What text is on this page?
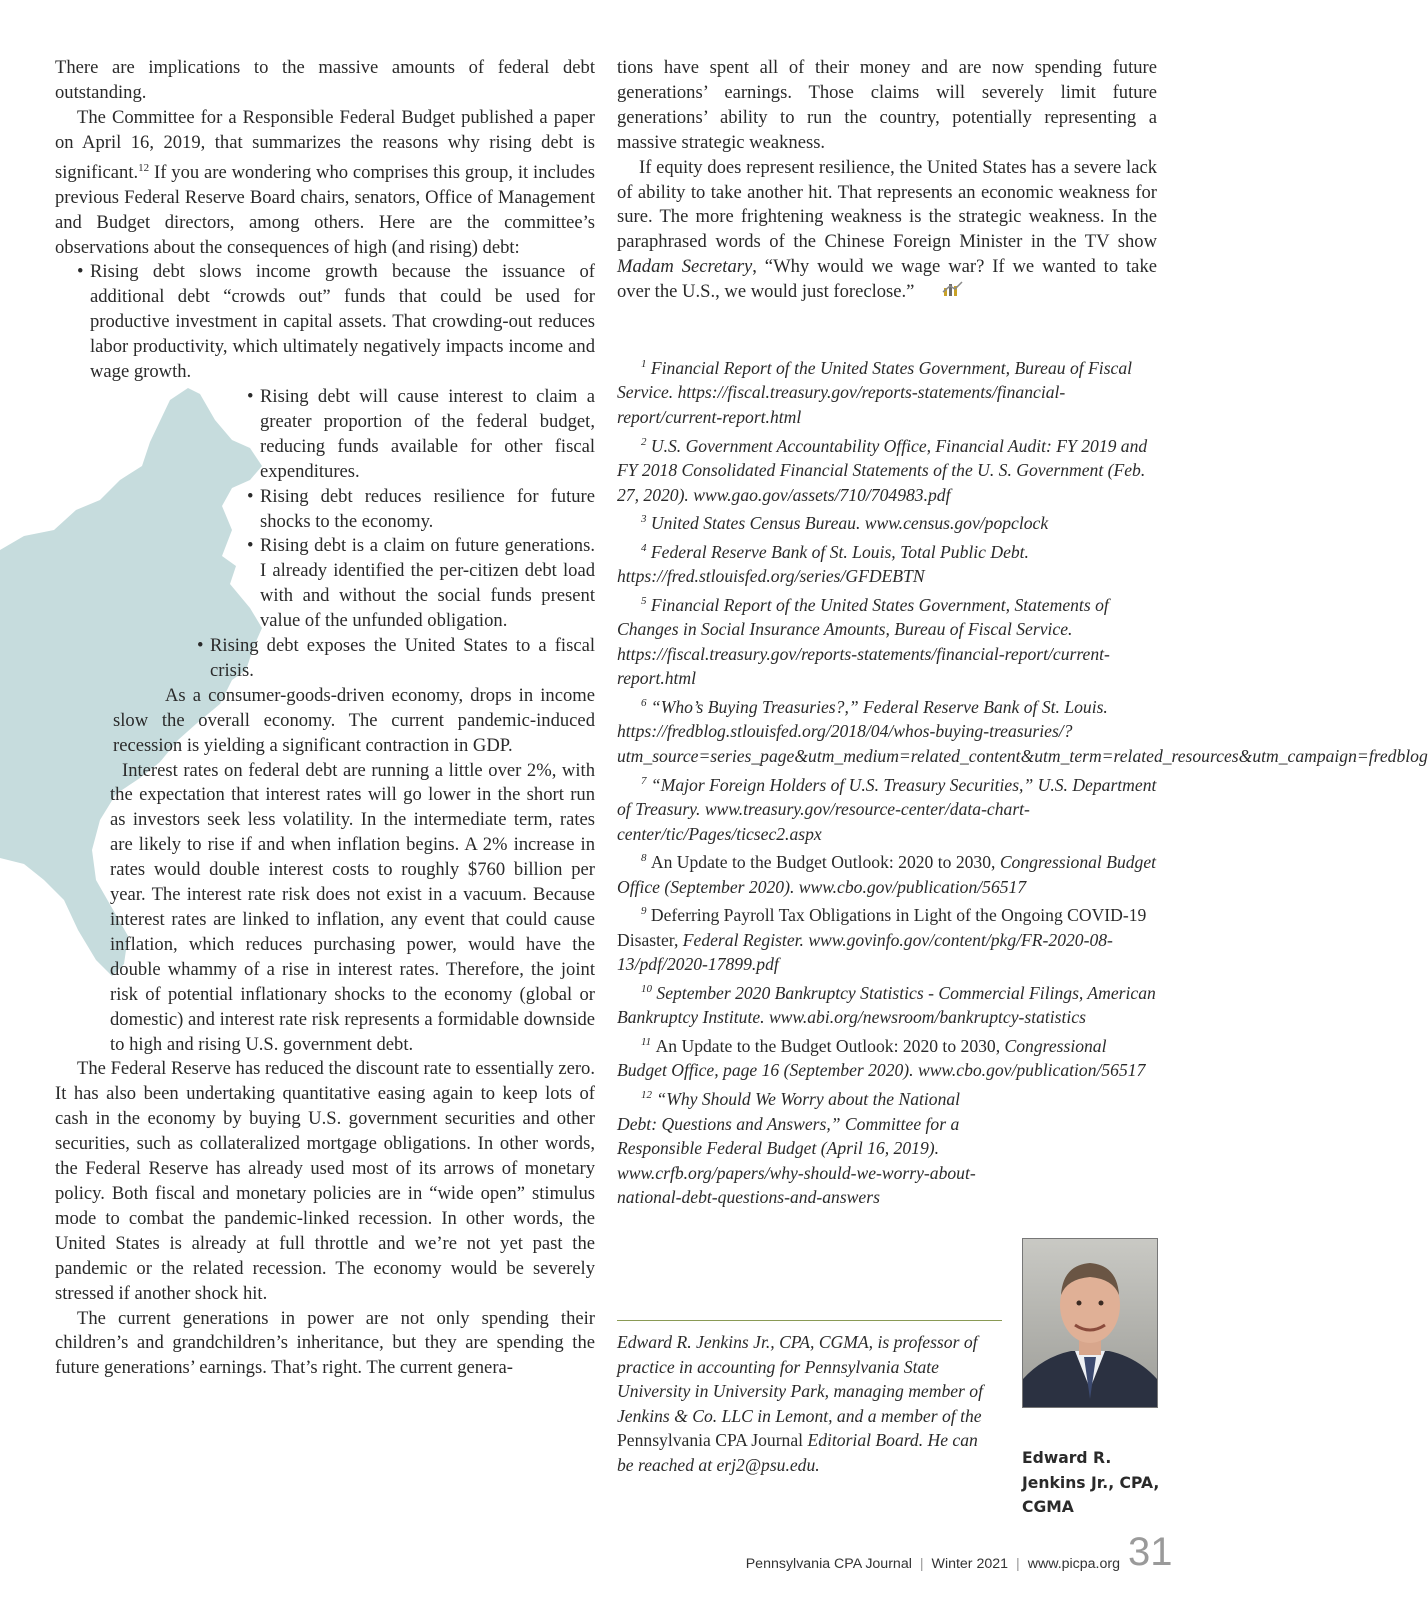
There are implications to the massive amounts of federal debt outstanding.

The Committee for a Responsible Federal Budget published a paper on April 16, 2019, that summarizes the reasons why rising debt is significant.$^{12}$ If you are wondering who comprises this group, it includes previous Federal Reserve Board chairs, senators, Office of Management and Budget directors, among others. Here are the committee’s observations about the consequences of high (and rising) debt:

• Rising debt slows income growth because the issuance of additional debt “crowds out” funds that could be used for productive investment in capital assets. That crowding-out reduces labor productivity, which ultimately negatively impacts income and wage growth.

• Rising debt will cause interest to claim a greater proportion of the federal budget, reducing funds available for other fiscal expenditures.

• Rising debt reduces resilience for future shocks to the economy.

• Rising debt is a claim on future generations. I already identified the per-citizen debt load with and without the social funds present value of the unfunded obligation.

• Rising debt exposes the United States to a fiscal crisis.

As a consumer-goods-driven economy, drops in income slow the overall economy. The current pandemic-induced recession is yielding a significant contraction in GDP.

Interest rates on federal debt are running a little over 2%, with the expectation that interest rates will go lower in the short run as investors seek less volatility. In the intermediate term, rates are likely to rise if and when inflation begins. A 2% increase in rates would double interest costs to roughly $760 billion per year. The interest rate risk does not exist in a vacuum. Because interest rates are linked to inflation, any event that could cause inflation, which reduces purchasing power, would have the double whammy of a rise in interest rates. Therefore, the joint risk of potential inflationary shocks to the economy (global or domestic) and interest rate risk represents a formidable downside to high and rising U.S. government debt.

The Federal Reserve has reduced the discount rate to essentially zero. It has also been undertaking quantitative easing again to keep lots of cash in the economy by buying U.S. government securities and other securities, such as collateralized mortgage obligations. In other words, the Federal Reserve has already used most of its arrows of monetary policy. Both fiscal and monetary policies are in “wide open” stimulus mode to combat the pandemic-linked recession. In other words, the United States is already at full throttle and we’re not yet past the pandemic or the related recession. The economy would be severely stressed if another shock hit.

The current generations in power are not only spending their children’s and grandchildren’s inheritance, but they are spending the future generations’ earnings. That’s right. The current genera-

tions have spent all of their money and are now spending future generations’ earnings. Those claims will severely limit future generations’ ability to run the country, potentially representing a massive strategic weakness.

If equity does represent resilience, the United States has a severe lack of ability to take another hit. That represents an economic weakness for sure. The more frightening weakness is the strategic weakness. In the paraphrased words of the Chinese Foreign Minister in the TV show Madam Secretary, “Why would we wage war? If we wanted to take over the U.S., we would just foreclose.”

$^1$ Financial Report of the United States Government, Bureau of Fiscal Service. https://fiscal.treasury.gov/reports-statements/financial-report/current-report.html

$^2$ U.S. Government Accountability Office, Financial Audit: FY 2019 and FY 2018 Consolidated Financial Statements of the U. S. Government (Feb. 27, 2020). www.gao.gov/assets/710/704983.pdf

$^3$ United States Census Bureau. www.census.gov/popclock

$^4$ Federal Reserve Bank of St. Louis, Total Public Debt. https://fred.stlouisfed.org/series/GFDEBTN

$^5$ Financial Report of the United States Government, Statements of Changes in Social Insurance Amounts, Bureau of Fiscal Service. https://fiscal.treasury.gov/reports-statements/financial-report/current-report.html

$^6$ “Who’s Buying Treasuries?,” Federal Reserve Bank of St. Louis. https://fredblog.stlouisfed.org/2018/04/whos-buying-treasuries/?utm_source=series_page&utm_medium=related_content&utm_term=related_resources&utm_campaign=fredblog

$^7$ “Major Foreign Holders of U.S. Treasury Securities,” U.S. Department of Treasury. www.treasury.gov/resource-center/data-chart-center/tic/Pages/ticsec2.aspx

$^8$ An Update to the Budget Outlook: 2020 to 2030, Congressional Budget Office (September 2020). www.cbo.gov/publication/56517

$^9$ Deferring Payroll Tax Obligations in Light of the Ongoing COVID-19 Disaster, Federal Register. www.govinfo.gov/content/pkg/FR-2020-08-13/pdf/2020-17899.pdf

$^{10}$ September 2020 Bankruptcy Statistics - Commercial Filings, American Bankruptcy Institute. www.abi.org/newsroom/bankruptcy-statistics

$^{11}$ An Update to the Budget Outlook: 2020 to 2030, Congressional Budget Office, page 16 (September 2020). www.cbo.gov/publication/56517

$^{12}$ “Why Should We Worry about the National Debt: Questions and Answers,” Committee for a Responsible Federal Budget (April 16, 2019). www.crfb.org/papers/why-should-we-worry-about-national-debt-questions-and-answers

Edward R. Jenkins Jr., CPA, CGMA, is professor of practice in accounting for Pennsylvania State University in University Park, managing member of Jenkins & Co. LLC in Lemont, and a member of the Pennsylvania CPA Journal Editorial Board. He can be reached at erj2@psu.edu.	Edward R. Jenkins Jr., CPA, CGMA
Pennsylvania CPA Journal | Winter 2021 | www.picpa.org 31
